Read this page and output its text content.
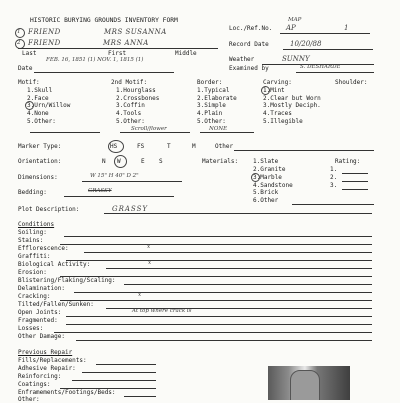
HISTORIC BURYING GROUNDS INVENTORY FORM
Loc./Ref.No.
MAP
AP	1
1 FRIEND	MRS SUSANNA
2 FRIEND	MRS ANNA	Record Date	10/20/88
Last	First	Middle
Weather	SUNNY
FEB. 16, 1851 (1) NOV. 1, 1815 (1)
Date	Examined by	S. DESHARDE
Motif:
1.Skull
2.Face
3.Urn/Willow
4.None
5.Other:
2nd Motif:
1.Hourglass
2.Crossbones
3.Coffin
4.Tools
5.Other:
Scroll/flower
Border:
1.Typical
2.Elaborate
3.Simple
4.Plain
5.Other:
NONE
Carving:
1.Mint
2.Clear but Worn
3.Mostly Deciph.
4.Traces
5.Illegible
Shoulder:
Marker Type:	HS	FS	T	M	Other
Orientation:	N W	E S	Materials: 1.Slate
2.Granite
3.Marble
4.Sandstone
5.Brick
6.Other
Rating:
1.
2.
3.
Dimensions:	W 15" H 40" D 2"
Bedding:	GRASSY
Plot Description:	GRASSY
Conditions
Soiling:
Stains:
Efflorescence:	x
Graffiti:
Biological Activity:	x
Erosion:
Blistering/Flaking/Scaling:
Delamination:
Cracking:	x
Tilted/Fallen/Sunken:
Open Joints:	At top where crack is
Fragmented:
Losses:
Other Damage:
Previous Repair
Fills/Replacements:
Adhesive Repair:
Reinforcing:
Coatings:
Enframements/Footings/Beds:
Other:
